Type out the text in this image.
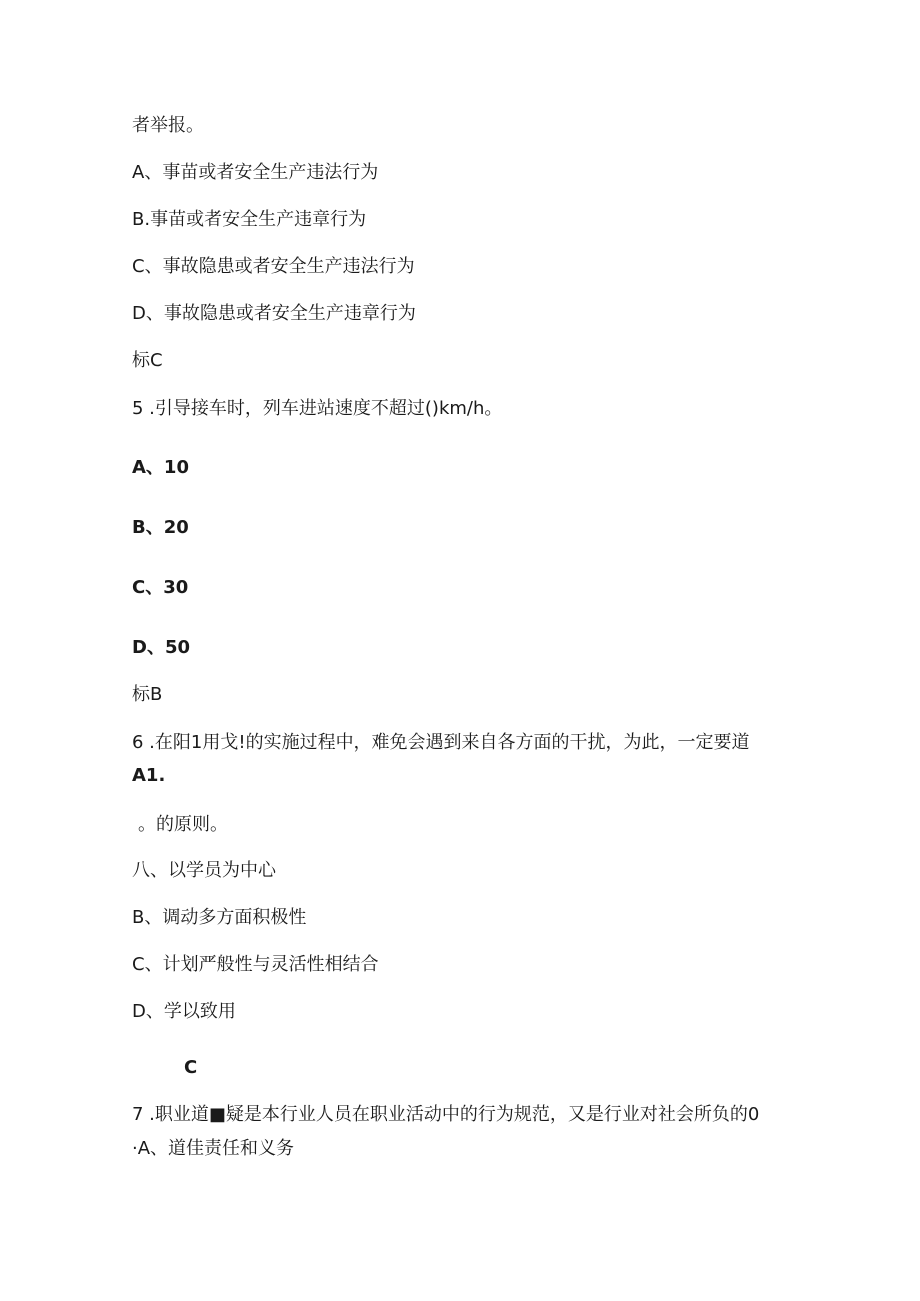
者举报。
A、事苗或者安全生产违法行为
B.事苗或者安全生产违章行为
C、事故隐患或者安全生产违法行为
D、事故隐患或者安全生产违章行为
标C
5 .引导接车时，列车进站速度不超过()km/h。
A、10
B、20
C、30
D、50
标B
6 .在阳1用戈!的实施过程中，难免会遇到来自各方面的干扰，为此，一定要道
A1.
。的原则。
八、以学员为中心
B、调动多方面积极性
C、计划严般性与灵活性相结合
D、学以致用
C
7 .职业道■疑是本行业人员在职业活动中的行为规范，又是行业对社会所负的0
·A、道佳责任和义务
